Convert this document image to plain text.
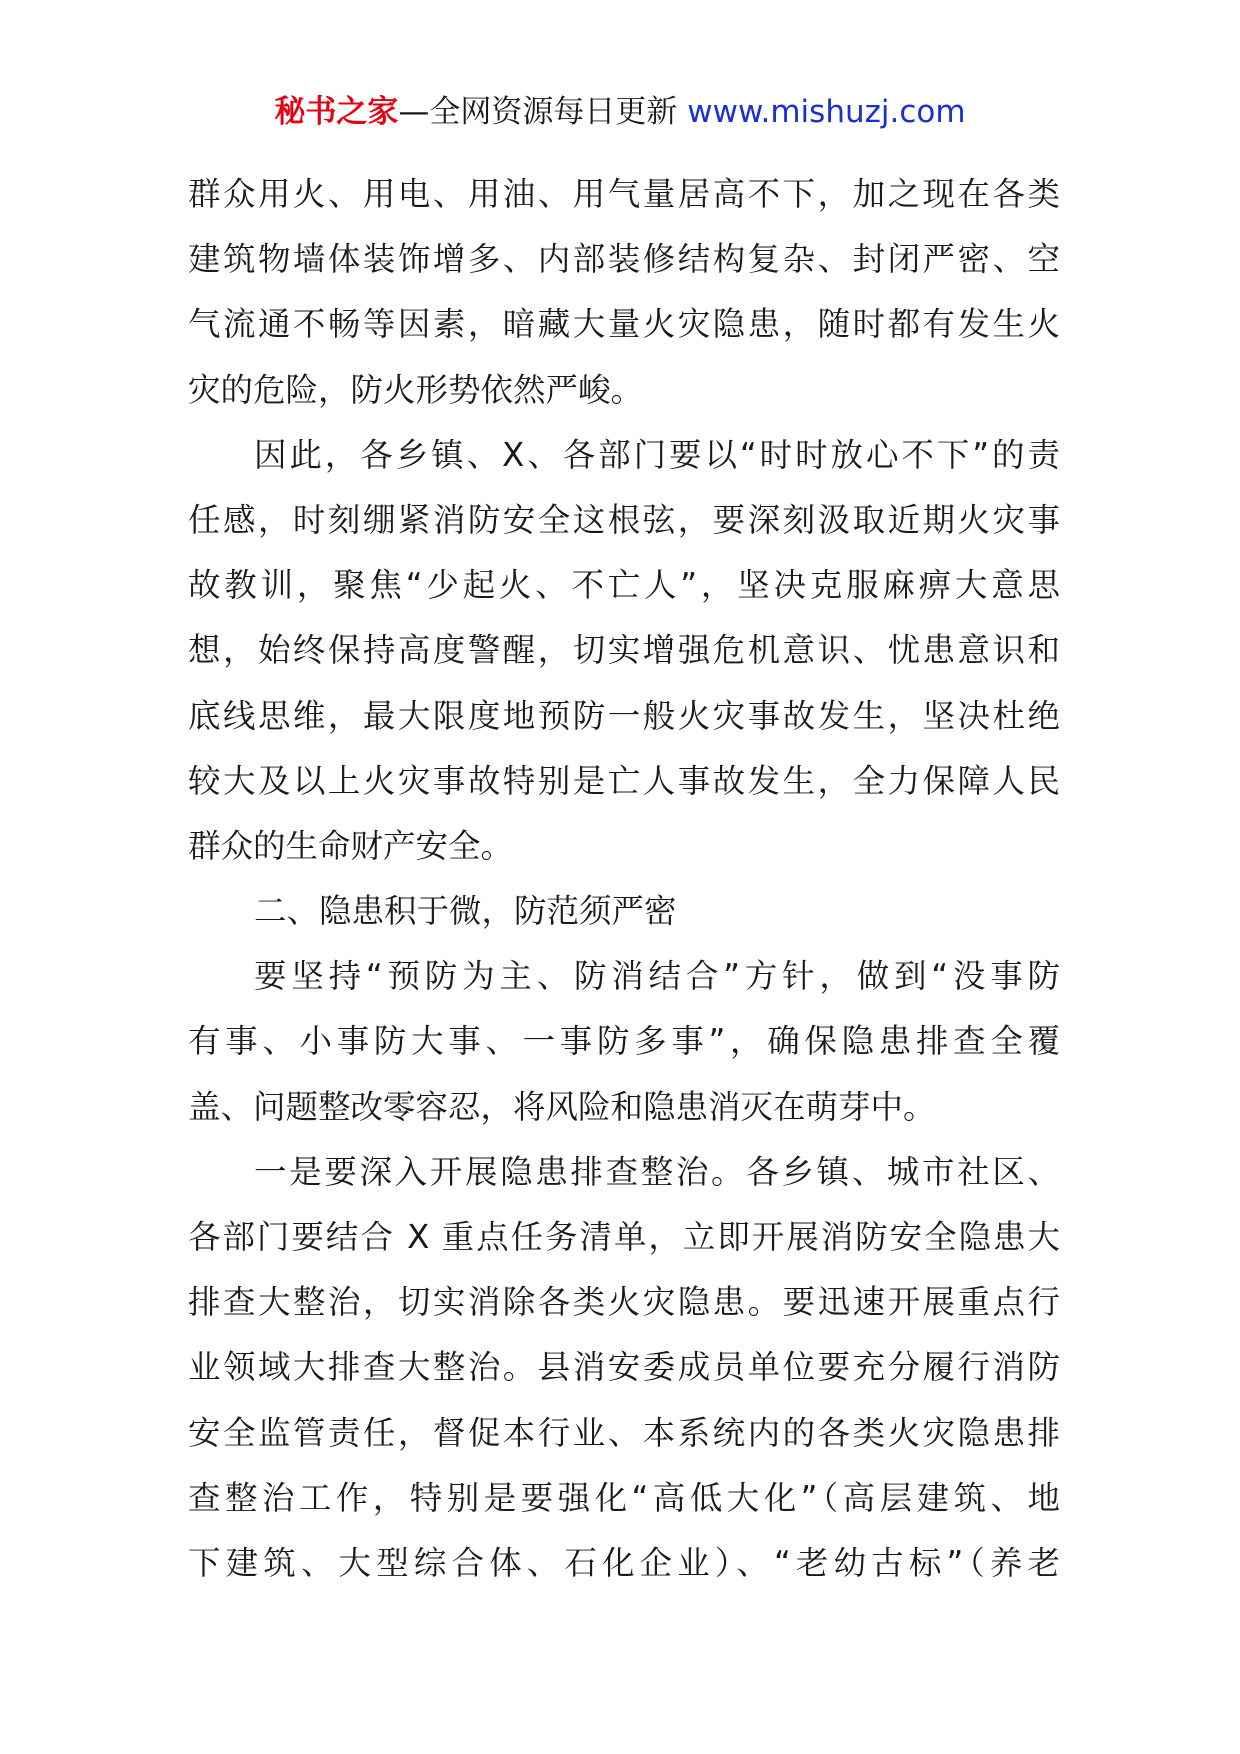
秘书之家—全网资源每日更新 www.mishuzj.com
群众用火、用电、用油、用气量居高不下，加之现在各类
建筑物墙体装饰增多、内部装修结构复杂、封闭严密、空
气流通不畅等因素，暗藏大量火灾隐患，随时都有发生火
灾的危险，防火形势依然严峻。
因此，各乡镇、X、各部门要以“时时放心不下”的责
任感，时刻绷紧消防安全这根弦，要深刻汲取近期火灾事
故教训，聚焦“少起火、不亡人”，坚决克服麻痹大意思
想，始终保持高度警醒，切实增强危机意识、忧患意识和
底线思维，最大限度地预防一般火灾事故发生，坚决杜绝
较大及以上火灾事故特别是亡人事故发生，全力保障人民
群众的生命财产安全。
二、隐患积于微，防范须严密
要坚持“预防为主、防消结合”方针，做到“没事防
有事、小事防大事、一事防多事”，确保隐患排查全覆
盖、问题整改零容忍，将风险和隐患消灭在萌芽中。
一是要深入开展隐患排查整治。各乡镇、城市社区、
各部门要结合 X 重点任务清单，立即开展消防安全隐患大
排查大整治，切实消除各类火灾隐患。要迅速开展重点行
业领域大排查大整治。县消安委成员单位要充分履行消防
安全监管责任，督促本行业、本系统内的各类火灾隐患排
查整治工作，特别是要强化“高低大化”（高层建筑、地
下建筑、大型综合体、石化企业）、“老幼古标”（养老
